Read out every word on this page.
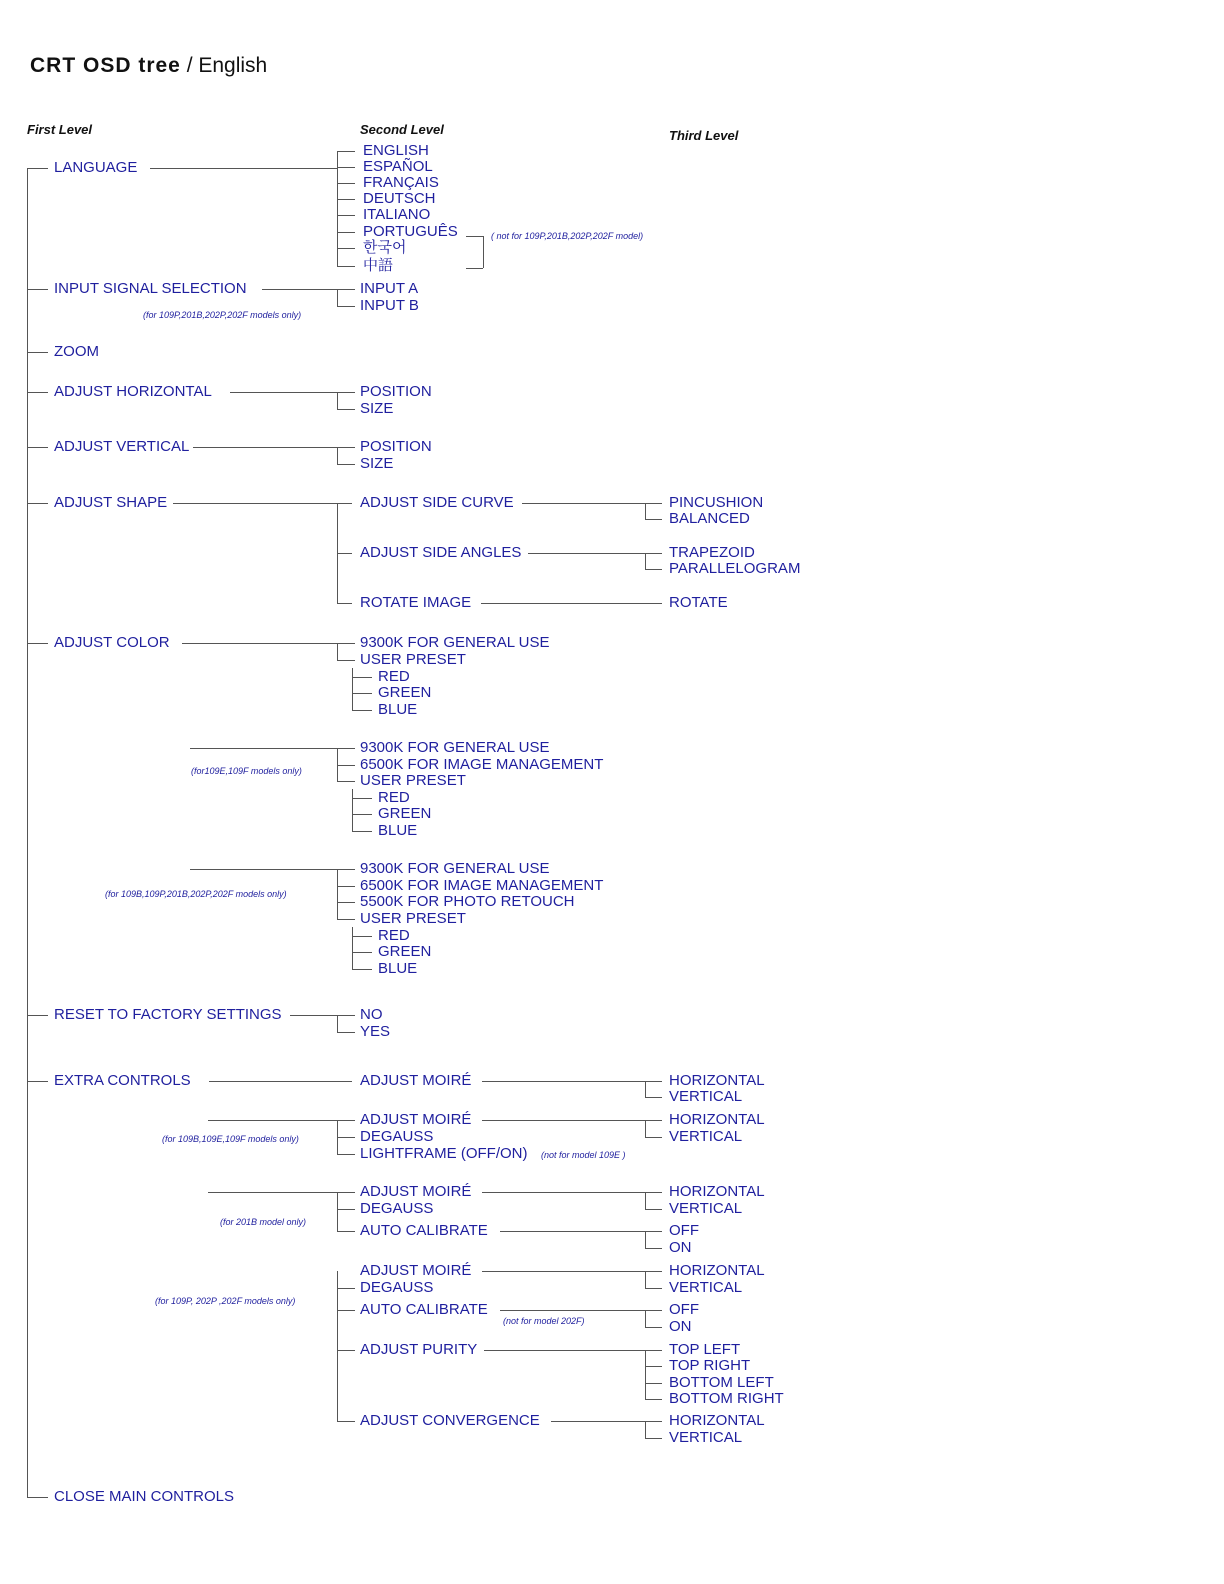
CRT OSD tree / English
First Level	Second Level	Third Level
LANGUAGE
ENGLISH
ESPAÑOL
FRANÇAIS
DEUTSCH
ITALIANO
PORTUGUÊS
한국어
中語
( not for 109P,201B,202P,202F model)
INPUT SIGNAL SELECTION	INPUT A
INPUT B
(for 109P,201B,202P,202F models only)
ZOOM
ADJUST HORIZONTAL	POSITION
SIZE
ADJUST VERTICAL	POSITION
SIZE
ADJUST SHAPE	ADJUST SIDE CURVE	PINCUSHION
BALANCED
ADJUST SIDE ANGLES	TRAPEZOID
PARALLELOGRAM
ROTATE IMAGE	ROTATE
ADJUST COLOR	9300K FOR GENERAL USE
USER PRESET
RED
GREEN
BLUE
(for109E,109F models only)
9300K FOR GENERAL USE
6500K FOR IMAGE MANAGEMENT
USER PRESET
RED
GREEN
BLUE
(for 109B,109P,201B,202P,202F models only)
9300K FOR GENERAL USE
6500K FOR IMAGE MANAGEMENT
5500K FOR PHOTO RETOUCH
USER PRESET
RED
GREEN
BLUE
RESET TO FACTORY SETTINGS	NO
YES
EXTRA CONTROLS	ADJUST MOIRÉ	HORIZONTAL
VERTICAL
(for 109B,109E,109F models only)
ADJUST MOIRÉ	HORIZONTAL
VERTICAL
DEGAUSS
LIGHTFRAME (OFF/ON) (not for model 109E )
(for 201B model only)
ADJUST MOIRÉ	HORIZONTAL
VERTICAL
DEGAUSS
AUTO CALIBRATE	OFF
ON
(for 109P, 202P ,202F models only)
ADJUST MOIRÉ	HORIZONTAL
VERTICAL
DEGAUSS
AUTO CALIBRATE	OFF
ON
(not for model 202F)
ADJUST PURITY	TOP LEFT
TOP RIGHT
BOTTOM LEFT
BOTTOM RIGHT
ADJUST CONVERGENCE	HORIZONTAL
VERTICAL
CLOSE MAIN CONTROLS
